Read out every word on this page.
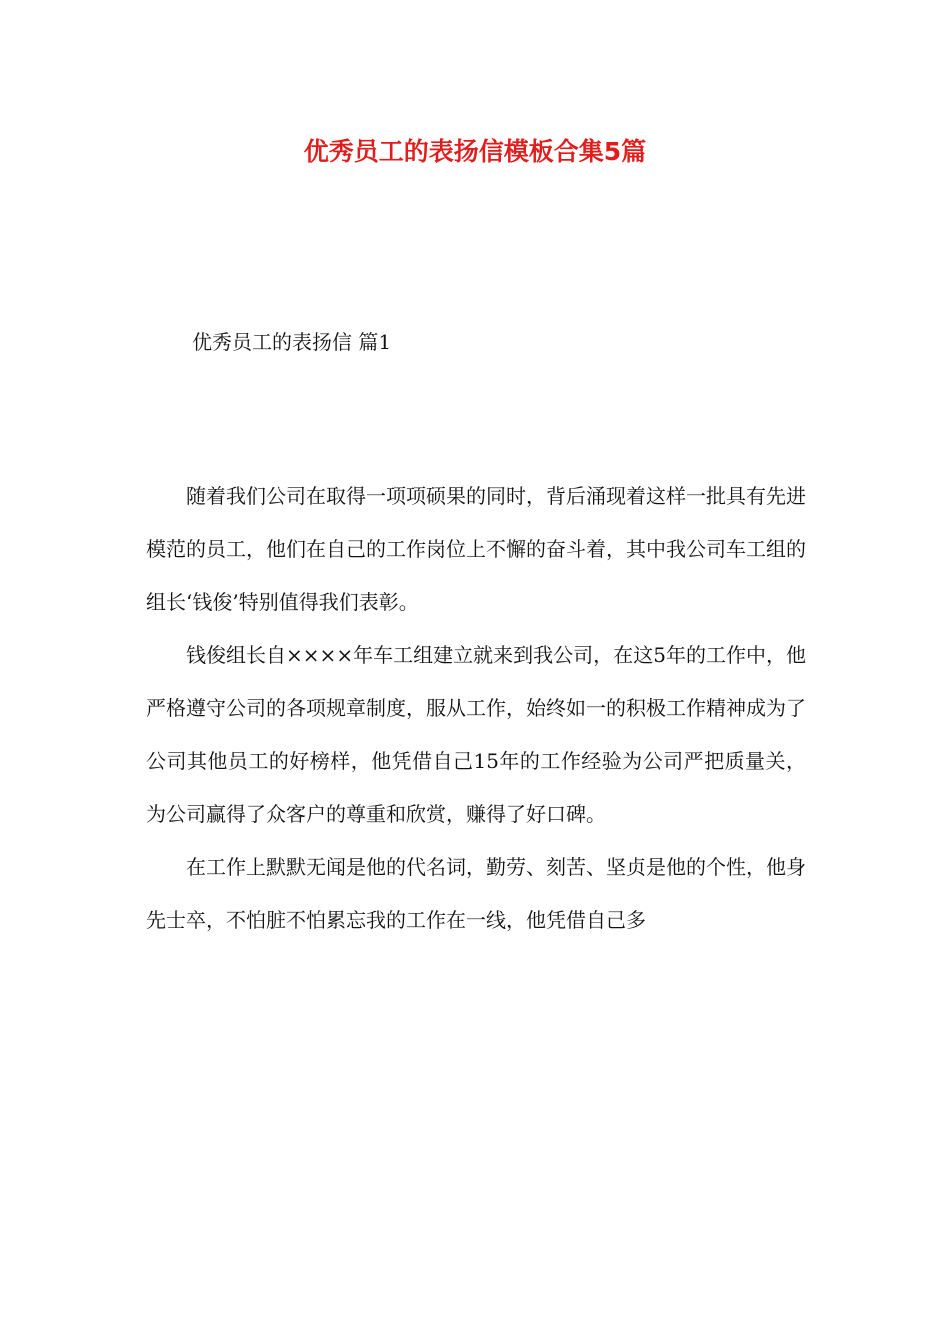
优秀员工的表扬信模板合集5篇
优秀员工的表扬信 篇1

随着我们公司在取得一项项硕果的同时，背后涌现着这样一批具有先进模范的员工，他们在自己的工作岗位上不懈的奋斗着，其中我公司车工组的组长‘钱俊’特别值得我们表彰。

钱俊组长自××××年车工组建立就来到我公司，在这5年的工作中，他严格遵守公司的各项规章制度，服从工作，始终如一的积极工作精神成为了公司其他员工的好榜样，他凭借自己15年的工作经验为公司严把质量关，为公司赢得了众客户的尊重和欣赏，赚得了好口碑。

在工作上默默无闻是他的代名词，勤劳、刻苦、坚贞是他的个性，他身先士卒，不怕脏不怕累忘我的工作在一线，他凭借自己多
